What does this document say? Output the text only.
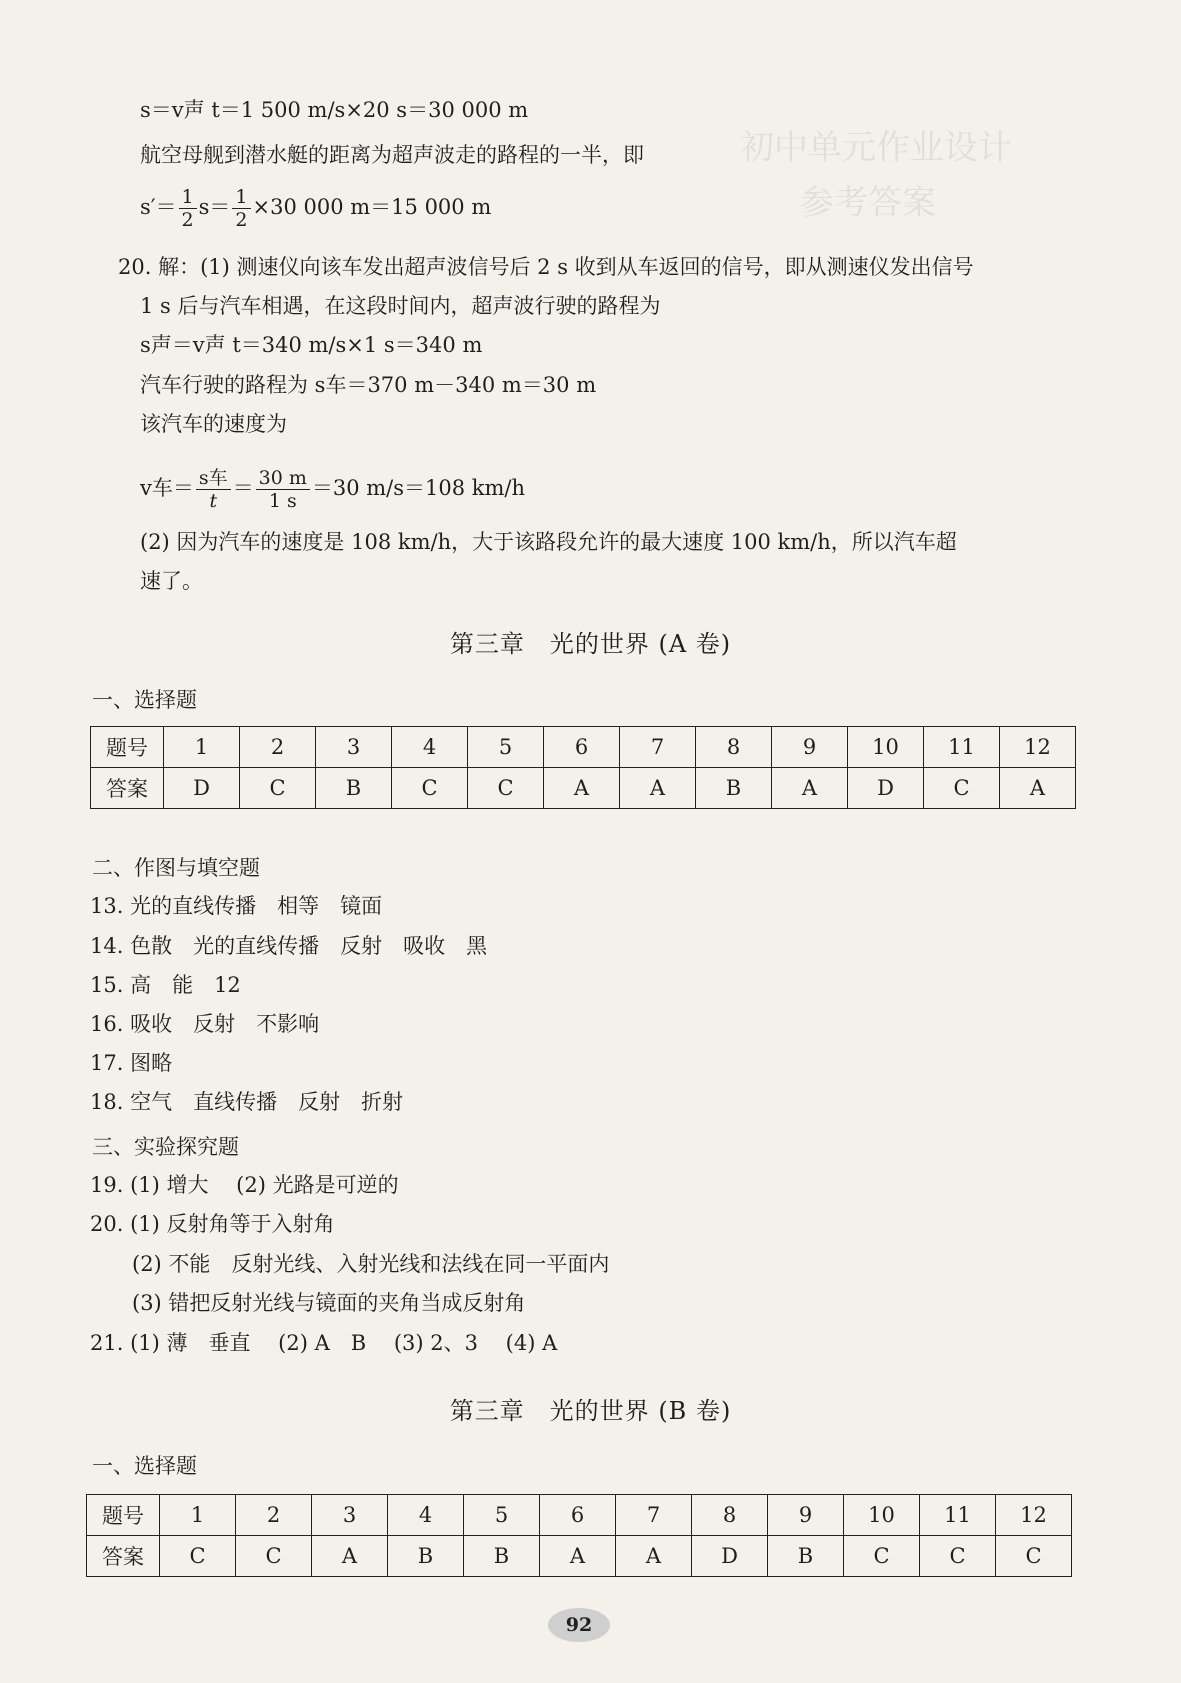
初中单元作业设计
参考答案
s＝v声 t＝1 500 m/s×20 s＝30 000 m
航空母舰到潜水艇的距离为超声波走的路程的一半，即
$s'= \frac{1}{2} s= \frac{1}{2} \times 30$ 000 m＝15 000 m
20. 解：(1) 测速仪向该车发出超声波信号后 2 s 收到从车返回的信号，即从测速仪发出信号
1 s 后与汽车相遇，在这段时间内，超声波行驶的路程为
s声＝v声 t＝340 m/s×1 s＝340 m
汽车行驶的路程为 s车＝370 m－340 m＝30 m
该汽车的速度为
v车＝ $\frac{\text{s车}}{t} = \frac{30 m}{1 s} =30$ m/s＝108 km/h
(2) 因为汽车的速度是 108 km/h，大于该路段允许的最大速度 100 km/h，所以汽车超
速了。
第三章　光的世界 (A 卷)
一、选择题
题号	1	2	3	4	5	6	7	8	9	10	11	12
答案	D	C	B	C	C	A	A	B	A	D	C	A
二、作图与填空题
13. 光的直线传播　相等　镜面
14. 色散　光的直线传播　反射　吸收　黑
15. 高　能　12
16. 吸收　反射　不影响
17. 图略
18. 空气　直线传播　反射　折射
三、实验探究题
19. (1) 增大　 (2) 光路是可逆的
20. (1) 反射角等于入射角
　　(2) 不能　反射光线、入射光线和法线在同一平面内
　　(3) 错把反射光线与镜面的夹角当成反射角
21. (1) 薄　垂直　 (2) A　B　 (3) 2、3　 (4) A
第三章　光的世界 (B 卷)
一、选择题
题号	1	2	3	4	5	6	7	8	9	10	11	12
答案	C	C	A	B	B	A	A	D	B	C	C	C
92
